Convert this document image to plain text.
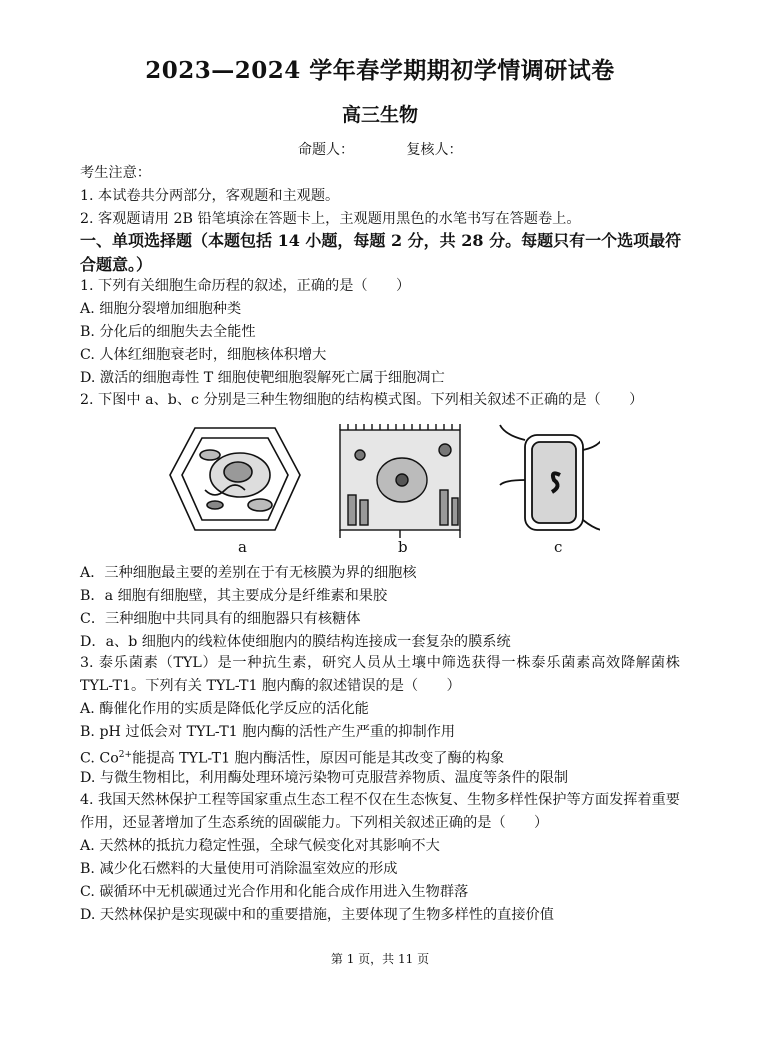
2023—2024 学年春学期期初学情调研试卷
高三生物
命题人：	复核人：
考生注意：
1. 本试卷共分两部分，客观题和主观题。
2. 客观题请用 2B 铅笔填涂在答题卡上，主观题用黑色的水笔书写在答题卷上。
一、单项选择题（本题包括 14 小题，每题 2 分，共 28 分。每题只有一个选项最符合题意。）
1. 下列有关细胞生命历程的叙述，正确的是（　　）
A. 细胞分裂增加细胞种类
B. 分化后的细胞失去全能性
C. 人体红细胞衰老时，细胞核体积增大
D. 激活的细胞毒性 T 细胞使靶细胞裂解死亡属于细胞凋亡
2. 下图中 a、b、c 分别是三种生物细胞的结构模式图。下列相关叙述不正确的是（　　）
a	b	c
A．三种细胞最主要的差别在于有无核膜为界的细胞核
B．a 细胞有细胞壁，其主要成分是纤维素和果胶
C．三种细胞中共同具有的细胞器只有核糖体
D．a、b 细胞内的线粒体使细胞内的膜结构连接成一套复杂的膜系统
3. 泰乐菌素（TYL）是一种抗生素，研究人员从土壤中筛选获得一株泰乐菌素高效降解菌株 TYL-T1。下列有关 TYL-T1 胞内酶的叙述错误的是（　　）
A. 酶催化作用的实质是降低化学反应的活化能
B. pH 过低会对 TYL-T1 胞内酶的活性产生严重的抑制作用
C. $Co^{2+}$能提高 TYL-T1 胞内酶活性，原因可能是其改变了酶的构象
D. 与微生物相比，利用酶处理环境污染物可克服营养物质、温度等条件的限制
4. 我国天然林保护工程等国家重点生态工程不仅在生态恢复、生物多样性保护等方面发挥着重要作用，还显著增加了生态系统的固碳能力。下列相关叙述正确的是（　　）
A. 天然林的抵抗力稳定性强，全球气候变化对其影响不大
B. 减少化石燃料的大量使用可消除温室效应的形成
C. 碳循环中无机碳通过光合作用和化能合成作用进入生物群落
D. 天然林保护是实现碳中和的重要措施，主要体现了生物多样性的直接价值
第 1 页，共 11 页
